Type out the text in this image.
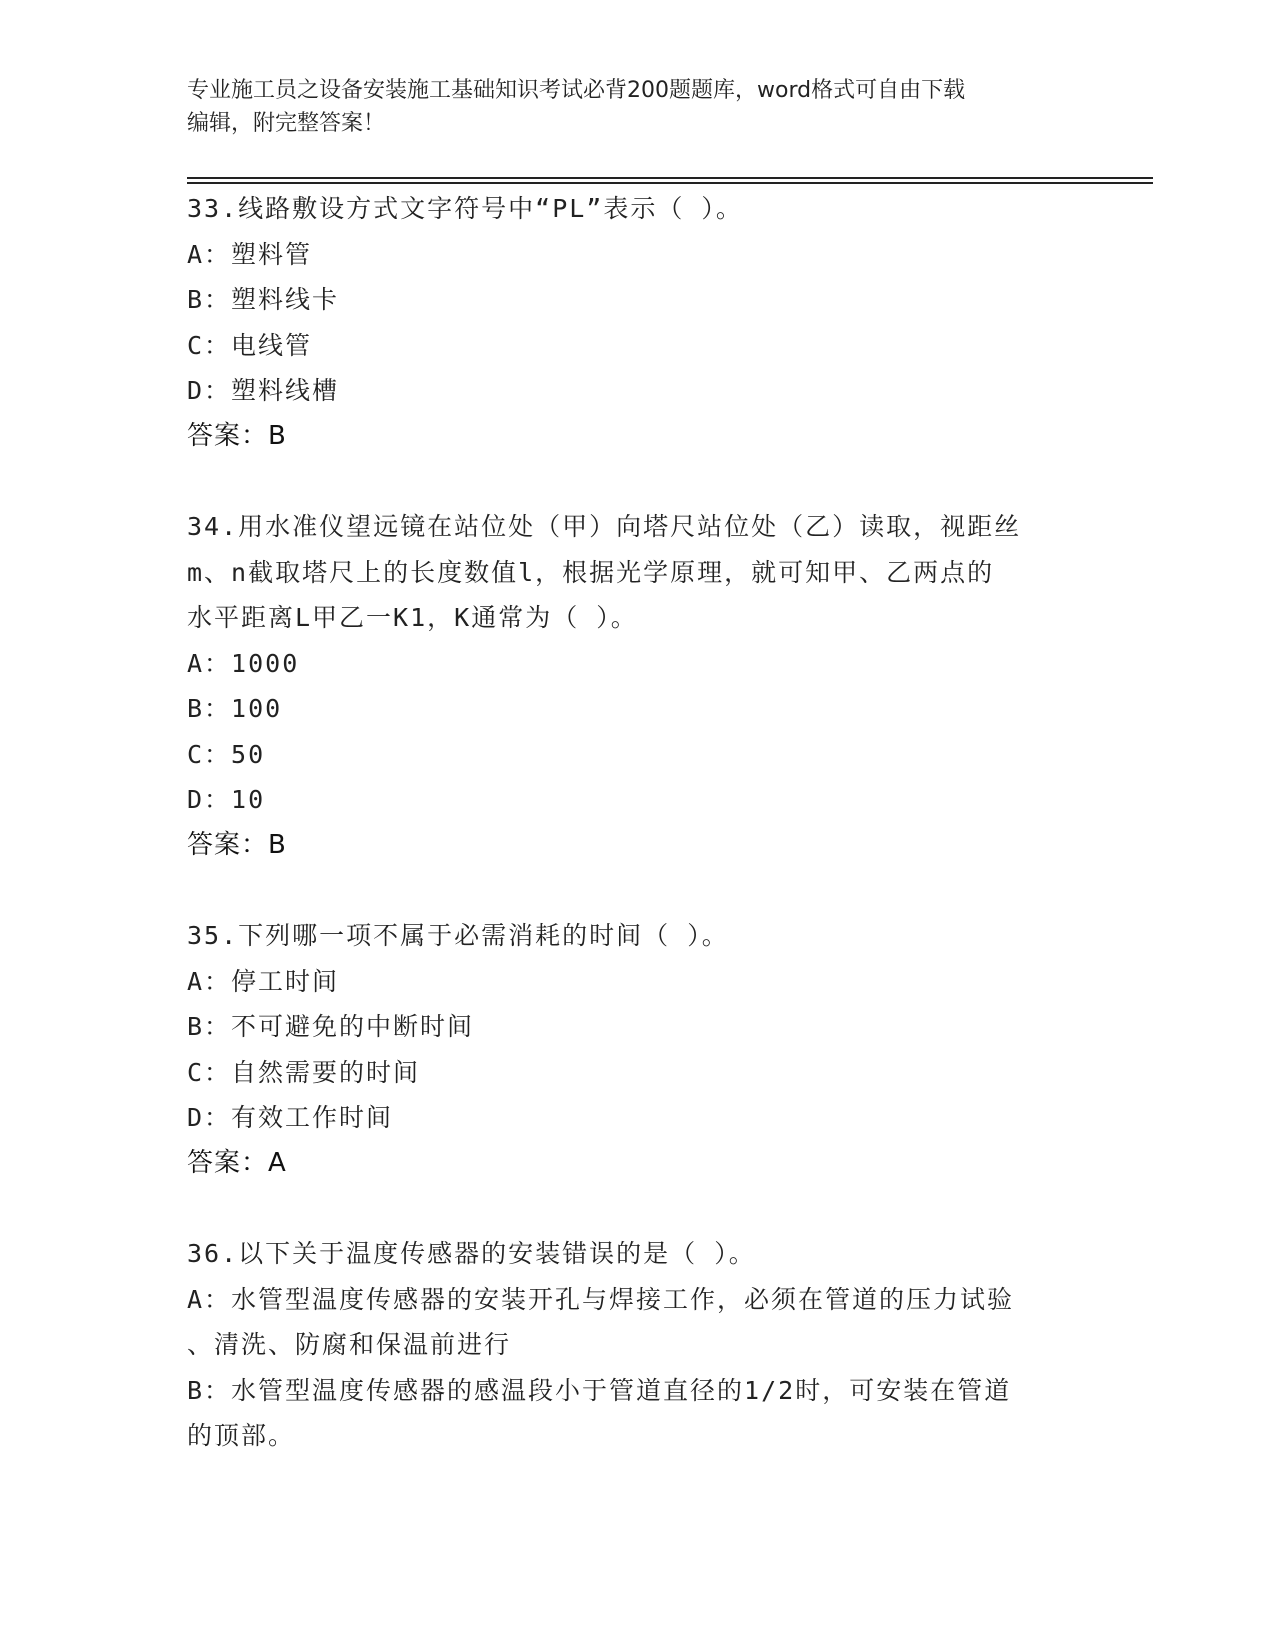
专业施工员之设备安装施工基础知识考试必背200题题库，word格式可自由下载
编辑，附完整答案！

33.线路敷设方式文字符号中“PL”表示（ ）。

A：塑料管

B：塑料线卡

C：电线管

D：塑料线槽

答案：B

34.用水准仪望远镜在站位处（甲）向塔尺站位处（乙）读取，视距丝

m、n截取塔尺上的长度数值l，根据光学原理，就可知甲、乙两点的

水平距离L甲乙一K1，K通常为（ ）。

A：1000

B：100

C：50

D：10

答案：B

35.下列哪一项不属于必需消耗的时间（ ）。

A：停工时间

B：不可避免的中断时间

C：自然需要的时间

D：有效工作时间

答案：A

36.以下关于温度传感器的安装错误的是（ ）。

A：水管型温度传感器的安装开孔与焊接工作，必须在管道的压力试验

、清洗、防腐和保温前进行

B：水管型温度传感器的感温段小于管道直径的1/2时，可安装在管道

的顶部。
